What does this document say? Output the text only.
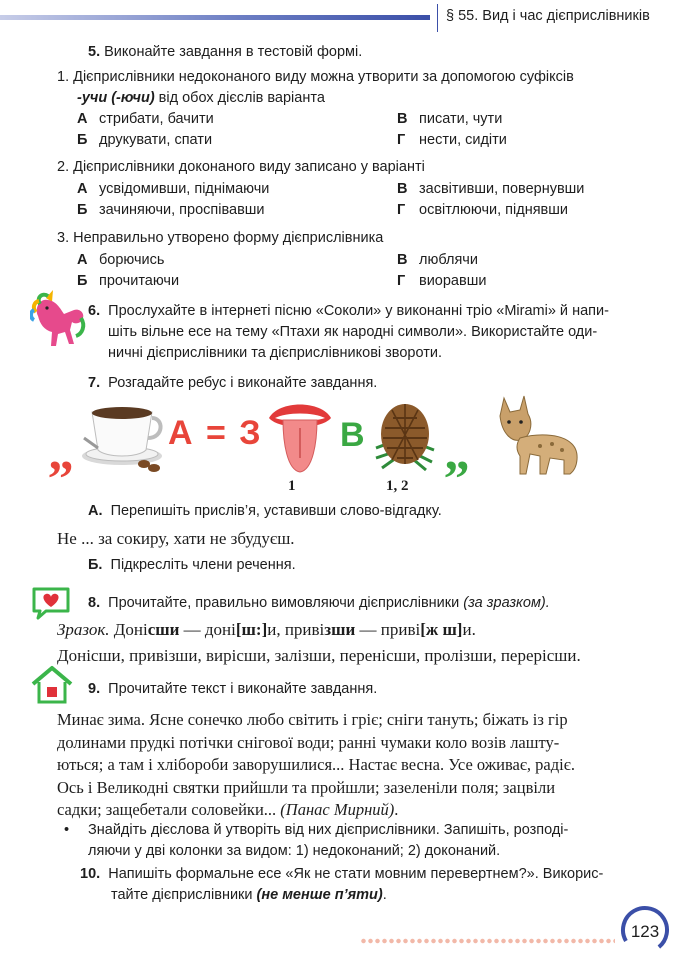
§ 55. Вид і час дієприслівників
5. Виконайте завдання в тестовій формі.
1. Дієприслівники недоконаного виду можна утворити за допомогою суфіксів
-учи (-ючи) від обох дієслів варіанта
А стрибати, бачити	В писати, чути
Б друкувати, спати	Г нести, сидіти
2. Дієприслівники доконаного виду записано у варіанті
А усвідомивши, піднімаючи	В засвітивши, повернувши
Б зачиняючи, проспівавши	Г освітлюючи, піднявши
3. Неправильно утворено форму дієприслівника
А борючись	В люблячи
Б прочитаючи	Г виоравши
6. Прослухайте в інтернеті пісню «Соколи» у виконанні тріо «Mirami» й напи-
шіть вільне есе на тему «Птахи як народні символи». Використайте оди-
ничні дієприслівники та дієприслівникові звороти.
7. Розгадайте ребус і виконайте завдання.
„	А = З
1
В
1, 2
„
А. Перепишіть прислів’я, уставивши слово-відгадку.
Не ... за сокиру, хати не збудуєш.
Б. Підкресліть члени речення.
8. Прочитайте, правильно вимовляючи дієприслівники (за зразком).
Зразок. Донісши — доні[ш:]и, привізши — приві[ж ш]и.
Донісши, привізши, вирісши, залізши, перенісши, пролізши, перерісши.
9. Прочитайте текст і виконайте завдання.
Минає зима. Ясне сонечко любо світить і гріє; сніги тануть; біжать із гір
долинами прудкі потічки снігової води; ранні чумаки коло возів лашту-
ються; а там і хлібороби заворушилися... Настає весна. Усе оживає, радіє.
Ось і Великодні святки прийшли та пройшли; зазеленіли поля; зацвіли
садки; защебетали соловейки... (Панас Мирний).
• Знайдіть дієслова й утворіть від них дієприслівники. Запишіть, розподі-
ляючи у дві колонки за видом: 1) недоконаний; 2) доконаний.
10. Напишіть формальне есе «Як не стати мовним перевертнем?». Викорис-
тайте дієприслівники (не менше п’яти).
123
